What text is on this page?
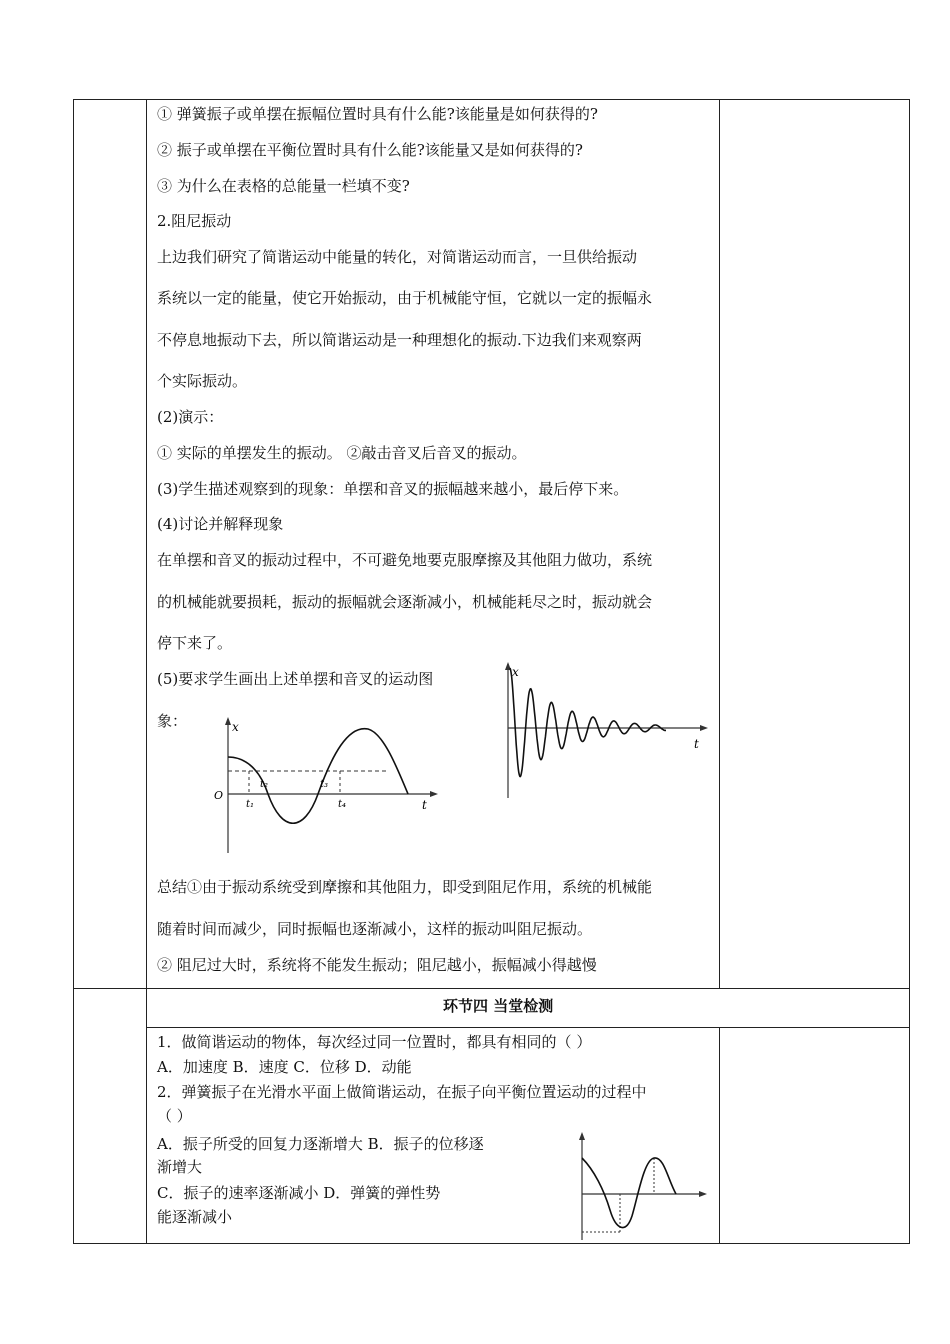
① 弹簧振子或单摆在振幅位置时具有什么能?该能量是如何获得的?
② 振子或单摆在平衡位置时具有什么能?该能量又是如何获得的?
③ 为什么在表格的总能量一栏填不变?
2.阻尼振动
上边我们研究了简谐运动中能量的转化，对简谐运动而言，一旦供给振动
系统以一定的能量，使它开始振动，由于机械能守恒，它就以一定的振幅永
不停息地振动下去，所以简谐运动是一种理想化的振动.下边我们来观察两
个实际振动。
(2)演示：
① 实际的单摆发生的振动。 ②敲击音叉后音叉的振动。
(3)学生描述观察到的现象：单摆和音叉的振幅越来越小，最后停下来。
(4)讨论并解释现象
在单摆和音叉的振动过程中，不可避免地要克服摩擦及其他阻力做功，系统
的机械能就要损耗，振动的振幅就会逐渐减小，机械能耗尽之时，振动就会
停下来了。
(5)要求学生画出上述单摆和音叉的运动图
象：	x
t
O
t₁
t₂	t₃
t₄
x
t
总结①由于振动系统受到摩擦和其他阻力，即受到阻尼作用，系统的机械能
随着时间而减少，同时振幅也逐渐减小，这样的振动叫阻尼振动。
② 阻尼过大时，系统将不能发生振动；阻尼越小，振幅减小得越慢
环节四 当堂检测
1．做简谐运动的物体，每次经过同一位置时，都具有相同的（ ）
A．加速度 B．速度 C．位移 D．动能
2．弹簧振子在光滑水平面上做简谐运动，在振子向平衡位置运动的过程中
（ ）
A．振子所受的回复力逐渐增大 B．振子的位移逐
渐增大
C．振子的速率逐渐减小 D．弹簧的弹性势
能逐渐减小
